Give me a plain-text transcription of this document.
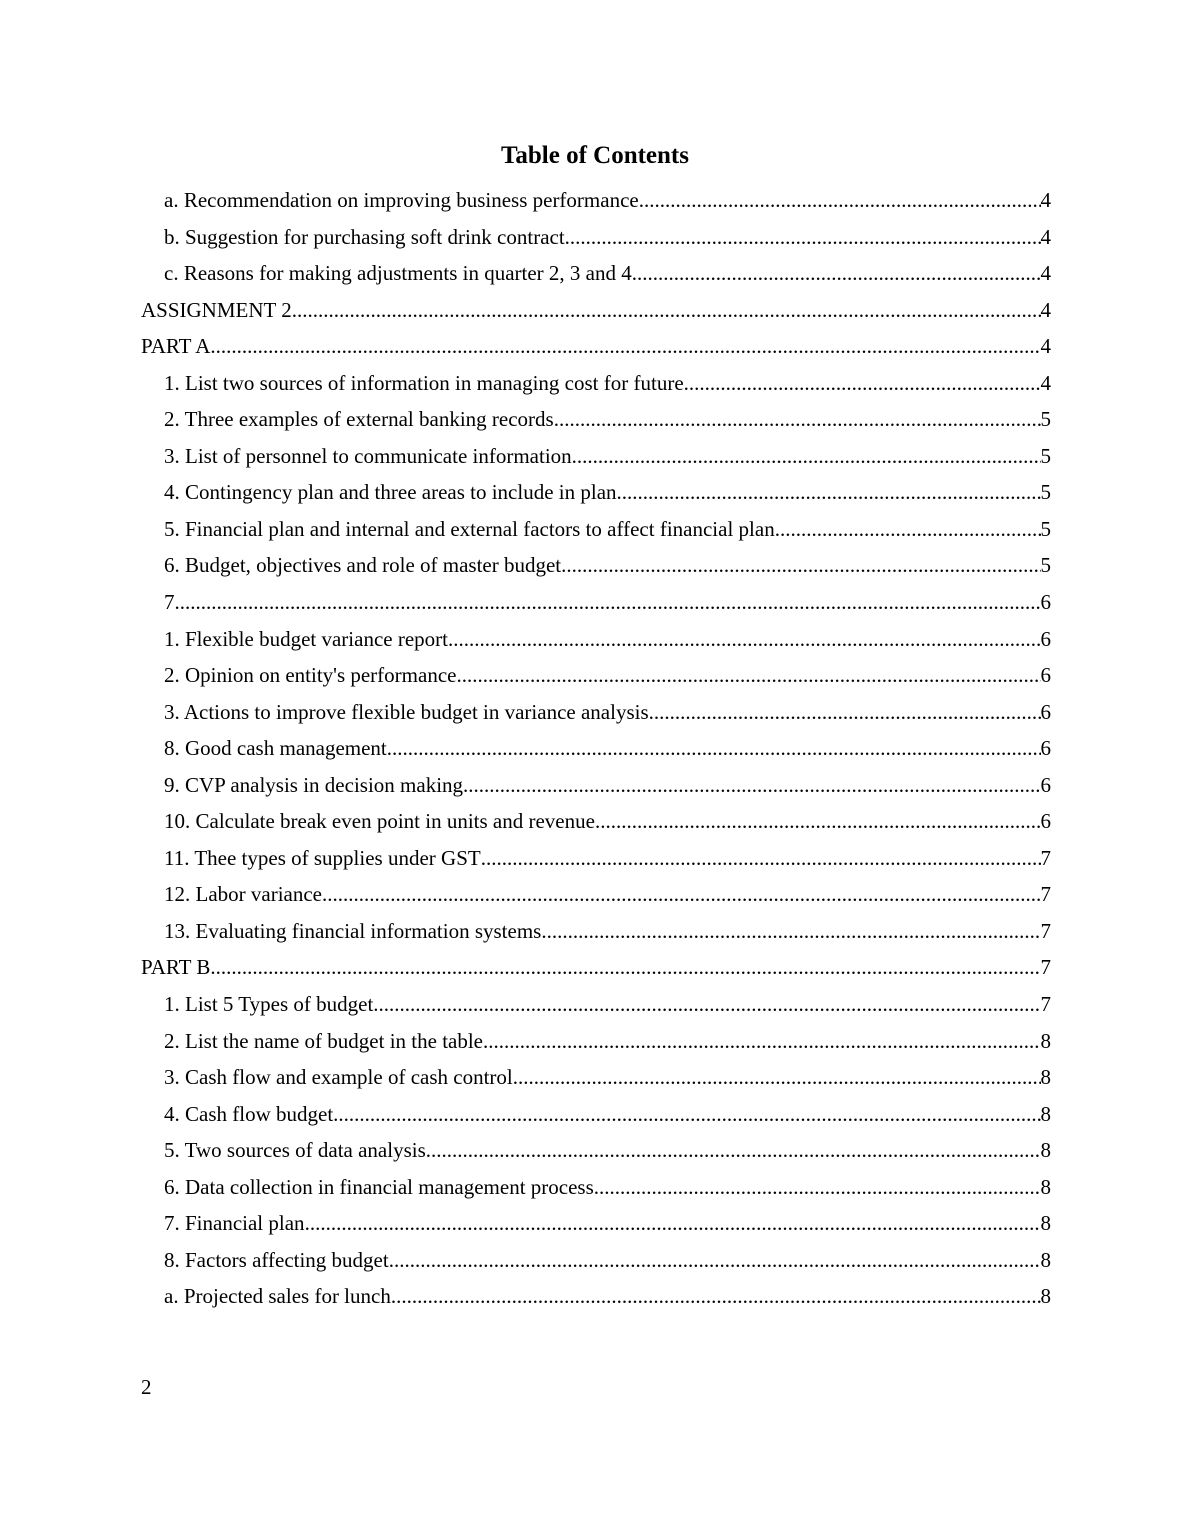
Table of Contents
a. Recommendation on improving business performance .....	4
b. Suggestion for purchasing soft drink contract .....	4
c. Reasons for making adjustments in quarter 2, 3 and 4 .....	4
ASSIGNMENT 2 .....	4
PART A .....	4
1. List two sources of information in managing cost for future .....	4
2. Three examples of external banking records .....	5
3. List of personnel to communicate information .....	5
4. Contingency plan and three areas to include in plan .....	5
5. Financial plan and internal and external factors to affect financial plan .....	5
6. Budget, objectives and role of master budget .....	5
7 .....	6
1. Flexible budget variance report .....	6
2. Opinion on entity's performance .....	6
3. Actions to improve flexible budget in variance analysis .....	6
8. Good cash management .....	6
9. CVP analysis in decision making .....	6
10. Calculate break even point in units and revenue .....	6
11. Thee types of supplies under GST .....	7
12. Labor variance .....	7
13. Evaluating financial information systems .....	7
PART B .....	7
1. List 5 Types of budget .....	7
2. List the name of budget in the table .....	8
3. Cash flow and example of cash control .....	8
4. Cash flow budget .....	8
5. Two sources of data analysis .....	8
6. Data collection in financial management process .....	8
7. Financial plan .....	8
8. Factors affecting budget .....	8
a. Projected sales for lunch .....	8
2
